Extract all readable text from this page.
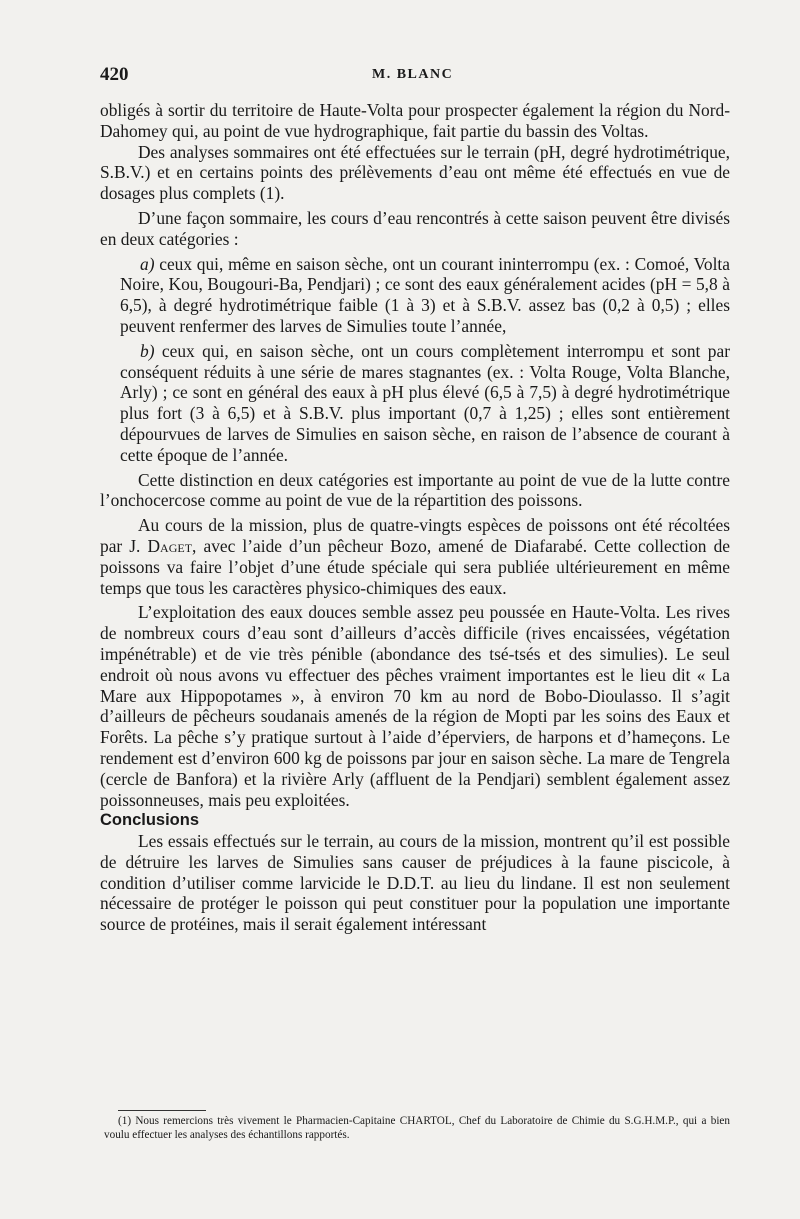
420	M. BLANC

obligés à sortir du territoire de Haute-Volta pour prospecter également la région du Nord-Dahomey qui, au point de vue hydrographique, fait partie du bassin des Voltas.

Des analyses sommaires ont été effectuées sur le terrain (pH, degré hydrotimétrique, S.B.V.) et en certains points des prélèvements d’eau ont même été effectués en vue de dosages plus complets (1).

D’une façon sommaire, les cours d’eau rencontrés à cette saison peuvent être divisés en deux catégories :

a) ceux qui, même en saison sèche, ont un courant ininterrompu (ex. : Comoé, Volta Noire, Kou, Bougouri-Ba, Pendjari) ; ce sont des eaux généralement acides (pH = 5,8 à 6,5), à degré hydrotimétrique faible (1 à 3) et à S.B.V. assez bas (0,2 à 0,5) ; elles peuvent renfermer des larves de Simulies toute l’année,

b) ceux qui, en saison sèche, ont un cours complètement interrompu et sont par conséquent réduits à une série de mares stagnantes (ex. : Volta Rouge, Volta Blanche, Arly) ; ce sont en général des eaux à pH plus élevé (6,5 à 7,5) à degré hydrotimétrique plus fort (3 à 6,5) et à S.B.V. plus important (0,7 à 1,25) ; elles sont entièrement dépourvues de larves de Simulies en saison sèche, en raison de l’absence de courant à cette époque de l’année.

Cette distinction en deux catégories est importante au point de vue de la lutte contre l’onchocercose comme au point de vue de la répartition des poissons.

Au cours de la mission, plus de quatre-vingts espèces de poissons ont été récoltées par J. Daget, avec l’aide d’un pêcheur Bozo, amené de Diafarabé. Cette collection de poissons va faire l’objet d’une étude spéciale qui sera publiée ultérieurement en même temps que tous les caractères physico-chimiques des eaux.

L’exploitation des eaux douces semble assez peu poussée en Haute-Volta. Les rives de nombreux cours d’eau sont d’ailleurs d’accès difficile (rives encaissées, végétation impénétrable) et de vie très pénible (abondance des tsé-tsés et des simulies). Le seul endroit où nous avons vu effectuer des pêches vraiment importantes est le lieu dit « La Mare aux Hippopotames », à environ 70 km au nord de Bobo-Dioulasso. Il s’agit d’ailleurs de pêcheurs soudanais amenés de la région de Mopti par les soins des Eaux et Forêts. La pêche s’y pratique surtout à l’aide d’éperviers, de harpons et d’hameçons. Le rendement est d’environ 600 kg de poissons par jour en saison sèche. La mare de Tengrela (cercle de Banfora) et la rivière Arly (affluent de la Pendjari) semblent également assez poissonneuses, mais peu exploitées.

Conclusions

Les essais effectués sur le terrain, au cours de la mission, montrent qu’il est possible de détruire les larves de Simulies sans causer de préjudices à la faune piscicole, à condition d’utiliser comme larvicide le D.D.T. au lieu du lindane. Il est non seulement nécessaire de protéger le poisson qui peut constituer pour la population une importante source de protéines, mais il serait également intéressant

(1) Nous remercions très vivement le Pharmacien-Capitaine CHARTOL, Chef du Laboratoire de Chimie du S.G.H.M.P., qui a bien voulu effectuer les analyses des échantillons rapportés.
